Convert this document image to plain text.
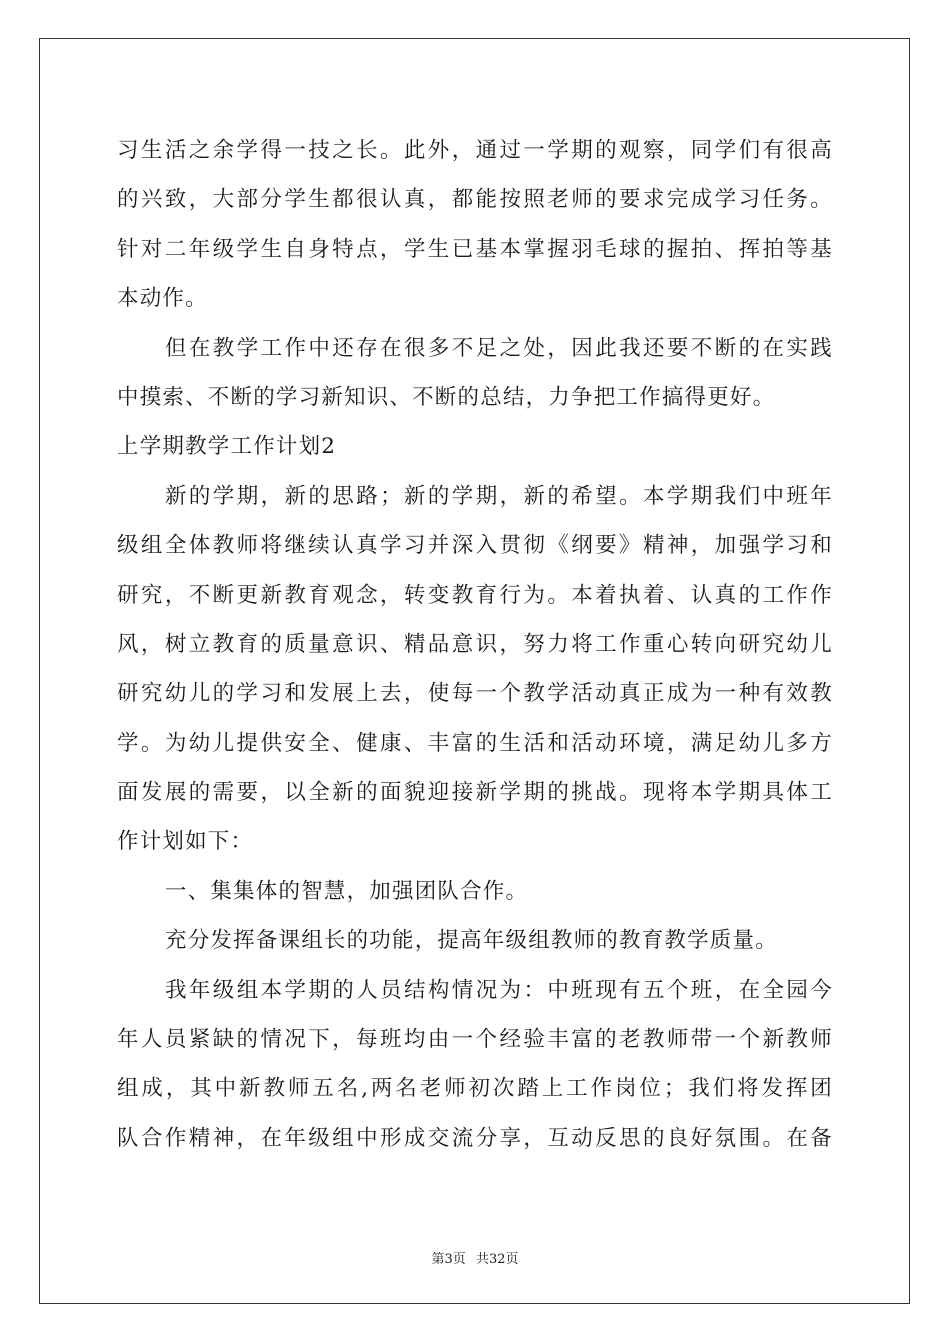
习生活之余学得一技之长。此外，通过一学期的观察，同学们有很高
的兴致，大部分学生都很认真，都能按照老师的要求完成学习任务。
针对二年级学生自身特点，学生已基本掌握羽毛球的握拍、挥拍等基
本动作。
但在教学工作中还存在很多不足之处，因此我还要不断的在实践
中摸索、不断的学习新知识、不断的总结，力争把工作搞得更好。
上学期教学工作计划2
新的学期，新的思路；新的学期，新的希望。本学期我们中班年
级组全体教师将继续认真学习并深入贯彻《纲要》精神，加强学习和
研究，不断更新教育观念，转变教育行为。本着执着、认真的工作作
风，树立教育的质量意识、精品意识，努力将工作重心转向研究幼儿
研究幼儿的学习和发展上去，使每一个教学活动真正成为一种有效教
学。为幼儿提供安全、健康、丰富的生活和活动环境，满足幼儿多方
面发展的需要，以全新的面貌迎接新学期的挑战。现将本学期具体工
作计划如下：
一、集集体的智慧，加强团队合作。
充分发挥备课组长的功能，提高年级组教师的教育教学质量。
我年级组本学期的人员结构情况为：中班现有五个班，在全园今
年人员紧缺的情况下，每班均由一个经验丰富的老教师带一个新教师
组成，其中新教师五名,两名老师初次踏上工作岗位；我们将发挥团
队合作精神，在年级组中形成交流分享，互动反思的良好氛围。在备
第3页 共32页
